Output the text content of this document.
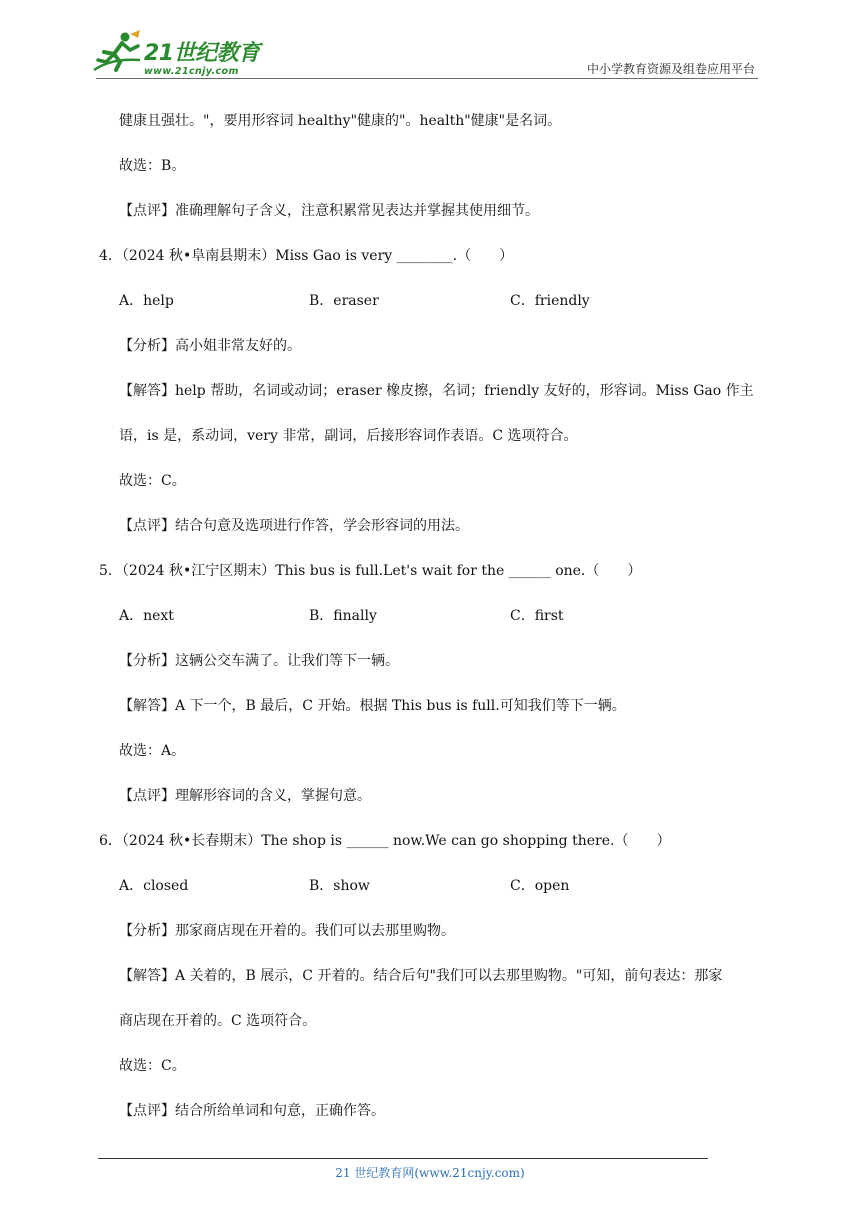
21世纪教育
www.21cnjy.com	中小学教育资源及组卷应用平台
健康且强壮。"，要用形容词 healthy"健康的"。health"健康"是名词。
故选：B。
【点评】准确理解句子含义，注意积累常见表达并掌握其使用细节。
4．（2024 秋•阜南县期末）Miss Gao is very ________.（　　）
A．help	B．eraser	C．friendly
【分析】高小姐非常友好的。
【解答】help 帮助，名词或动词；eraser 橡皮擦，名词；friendly 友好的，形容词。Miss Gao 作主
语，is 是，系动词，very 非常，副词，后接形容词作表语。C 选项符合。
故选：C。
【点评】结合句意及选项进行作答，学会形容词的用法。
5．（2024 秋•江宁区期末）This bus is full.Let's wait for the ______ one.（　　）
A．next	B．finally	C．first
【分析】这辆公交车满了。让我们等下一辆。
【解答】A 下一个，B 最后，C 开始。根据 This bus is full.可知我们等下一辆。
故选：A。
【点评】理解形容词的含义，掌握句意。
6．（2024 秋•长春期末）The shop is ______ now.We can go shopping there.（　　）
A．closed	B．show	C．open
【分析】那家商店现在开着的。我们可以去那里购物。
【解答】A 关着的，B 展示，C 开着的。结合后句"我们可以去那里购物。"可知，前句表达：那家
商店现在开着的。C 选项符合。
故选：C。
【点评】结合所给单词和句意，正确作答。
21 世纪教育网(www.21cnjy.com)
